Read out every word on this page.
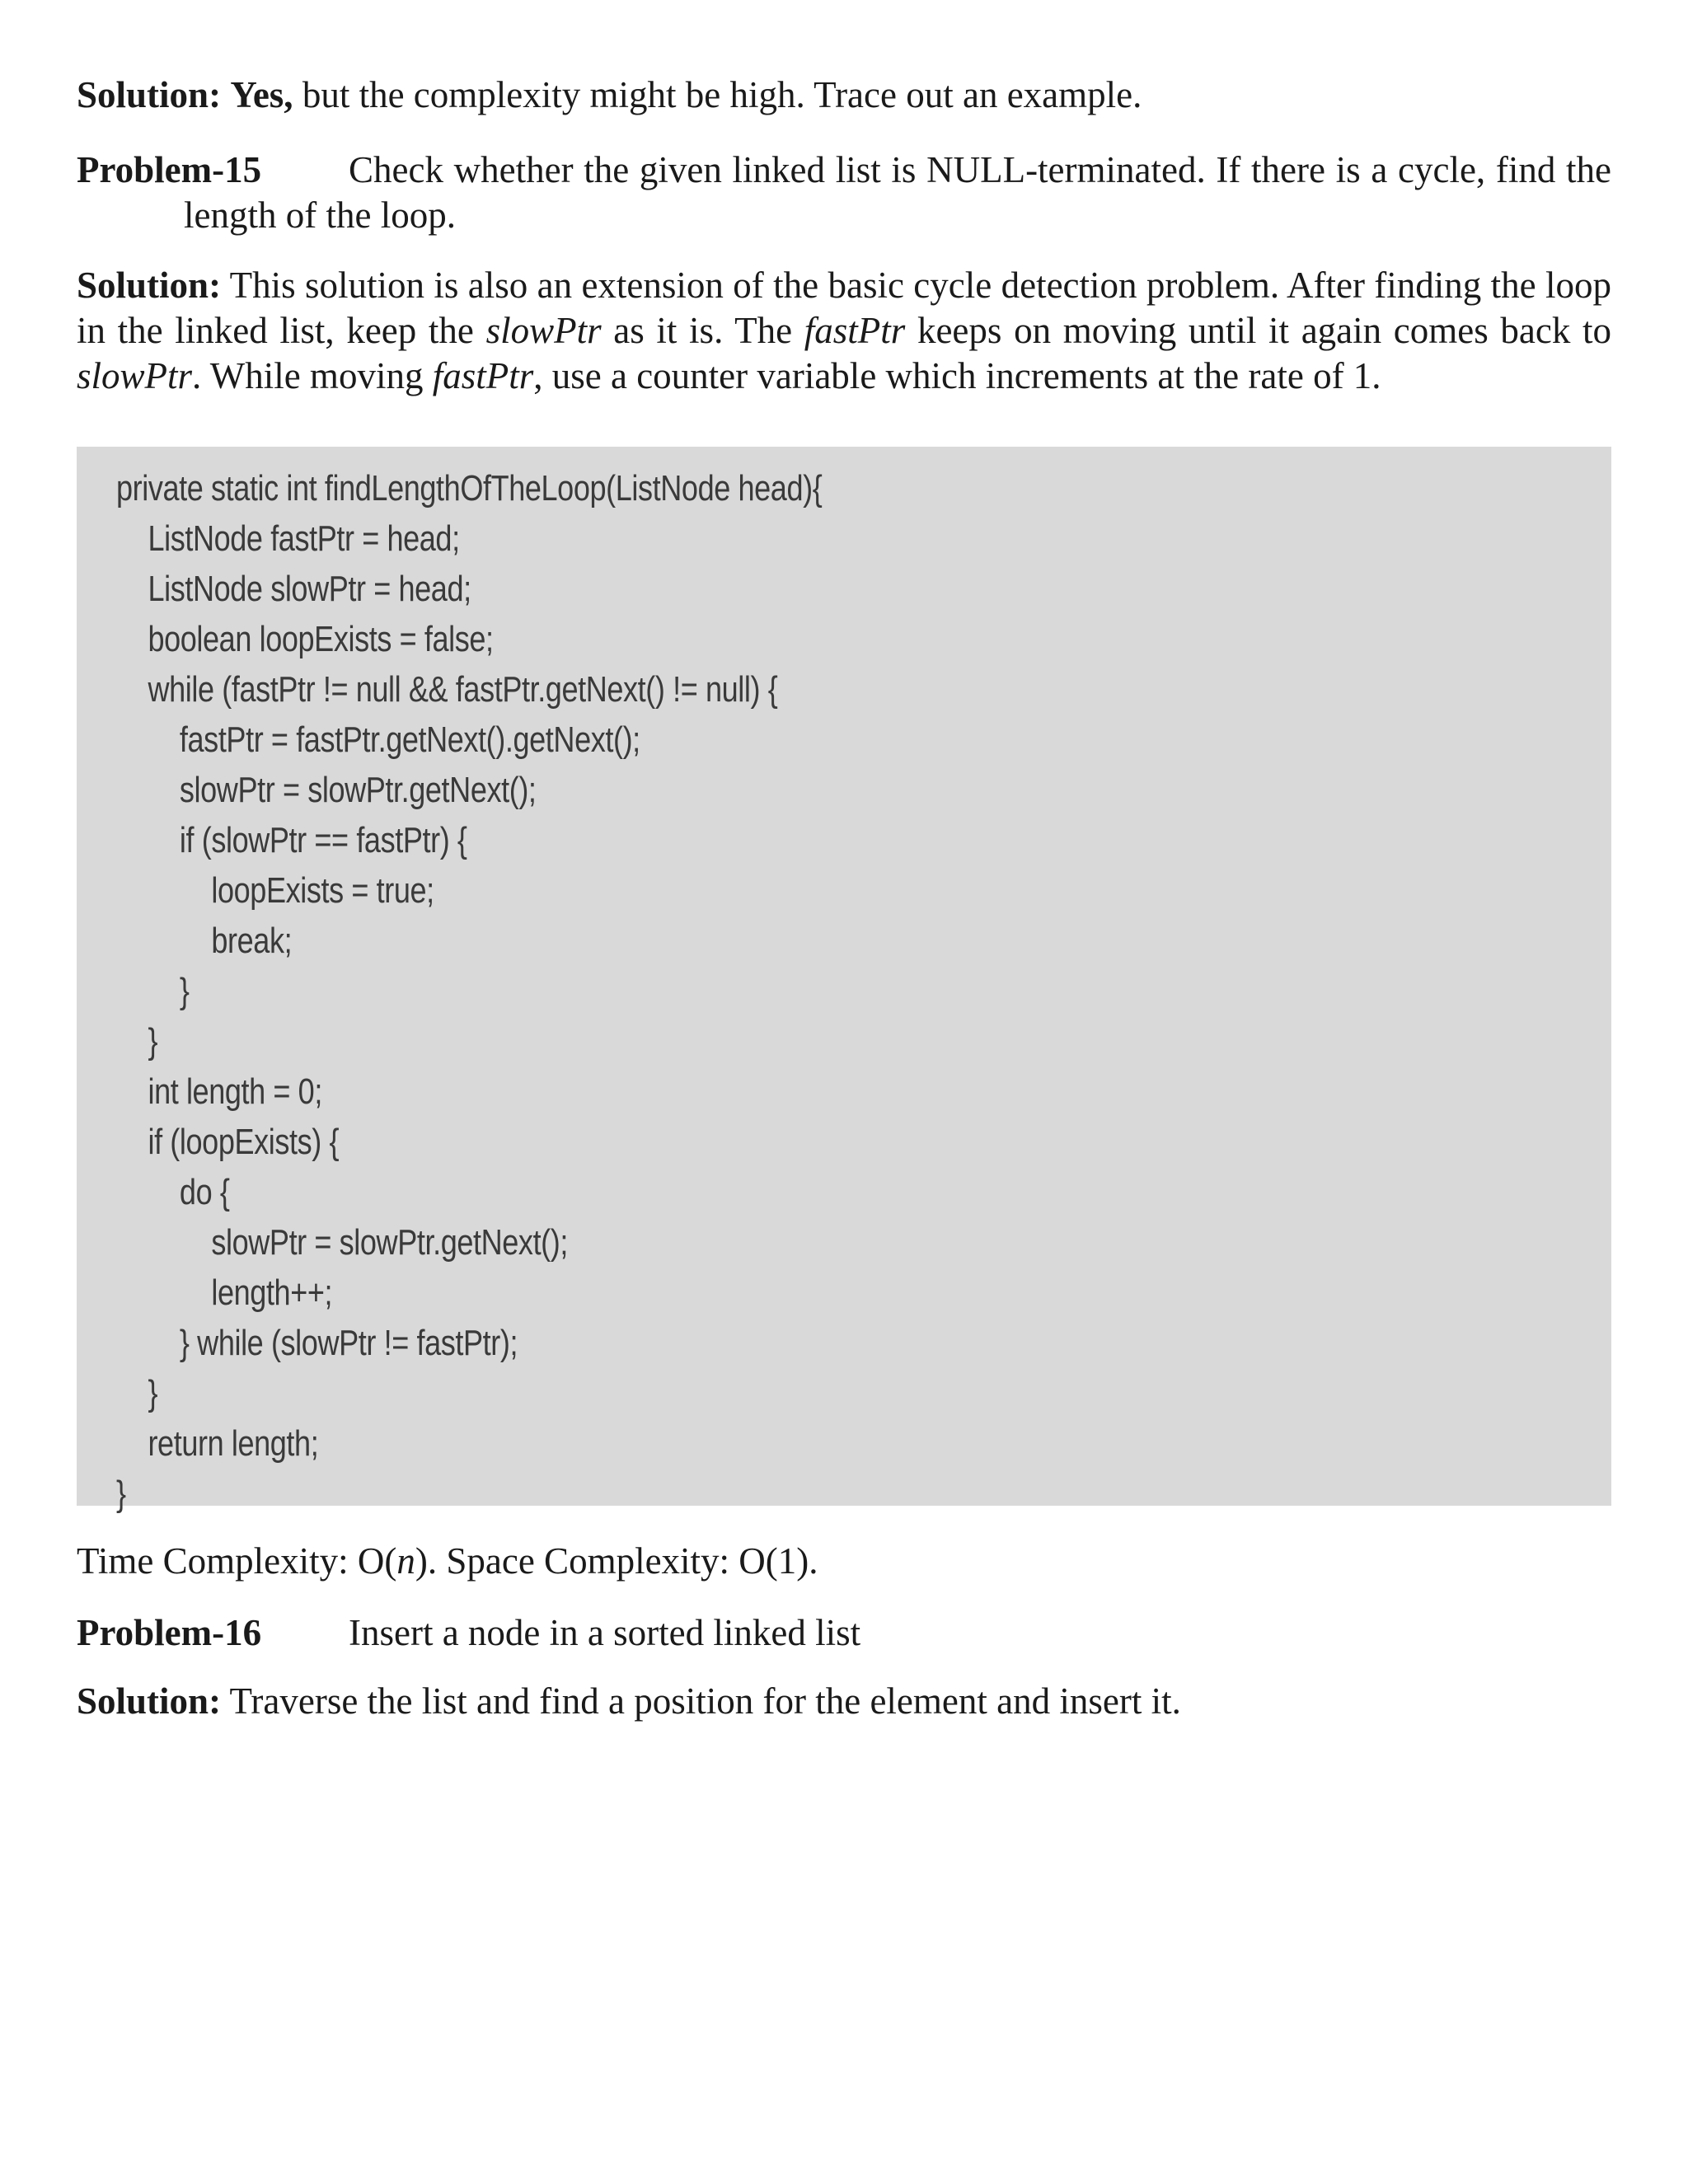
Solution: Yes, but the complexity might be high. Trace out an example.

Problem-15 Check whether the given linked list is NULL-terminated. If there is a cycle, find the length of the loop.

Solution: This solution is also an extension of the basic cycle detection problem. After finding the loop in the linked list, keep the slowPtr as it is. The fastPtr keeps on moving until it again comes back to slowPtr. While moving fastPtr, use a counter variable which increments at the rate of 1.

private static int findLengthOfTheLoop(ListNode head){
ListNode fastPtr = head;
ListNode slowPtr = head;
boolean loopExists = false;
while (fastPtr != null && fastPtr.getNext() != null) {
fastPtr = fastPtr.getNext().getNext();
slowPtr = slowPtr.getNext();
if (slowPtr == fastPtr) {
loopExists = true;
break;
}
}
int length = 0;
if (loopExists) {
do {
slowPtr = slowPtr.getNext();
length++;
} while (slowPtr != fastPtr);
}
return length;
}

Time Complexity: O(n). Space Complexity: O(1).

Problem-16 Insert a node in a sorted linked list

Solution: Traverse the list and find a position for the element and insert it.
